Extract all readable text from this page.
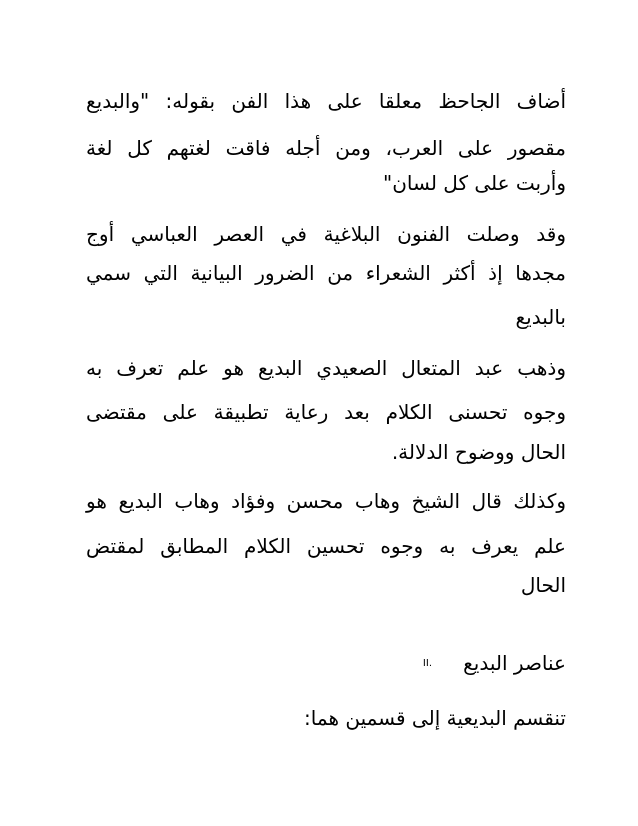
أضاف الجاحظ معلقا على هذا الفن بقوله: "والبديع
مقصور على العرب، ومن أجله فاقت لغتهم كل لغة
وأربت على كل لسان"
وقد وصلت الفنون البلاغية في العصر العباسي أوج
مجدها إذ أكثر الشعراء من الضرور البيانية التي سمي
بالبديع
وذهب عبد المتعال الصعيدي البديع هو علم تعرف به
وجوه تحسنى الكلام بعد رعاية تطبيقة على مقتضى
الحال ووضوح الدلالة.
وكذلك قال الشيخ وهاب محسن وفؤاد وهاب البديع هو
علم يعرف به وجوه تحسين الكلام المطابق لمقتض
الحال
عناصر البديع
II.
تنقسم البديعية إلى قسمين هما:
